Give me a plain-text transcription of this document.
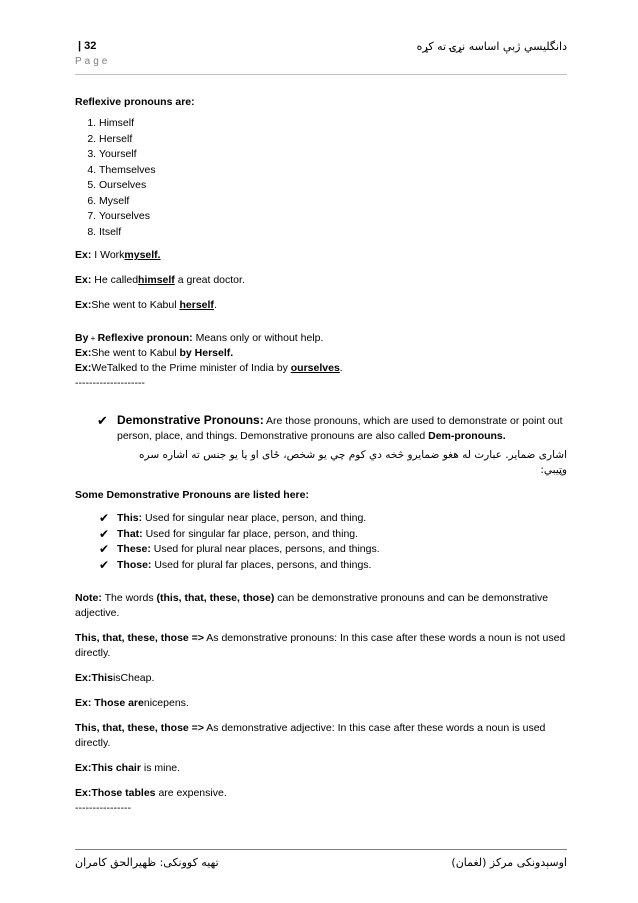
| 32
Page
دانگلیسي ژبې اساسه نړۍ ته کړه

Reflexive pronouns are:

1. Himself
2. Herself
3. Yourself
4. Themselves
5. Ourselves
6. Myself
7. Yourselves
8. Itself

Ex: I Workmyself.

Ex: He calledhimself a great doctor.

Ex:She went to Kabul herself.

By + Reflexive pronoun: Means only or without help.

Ex:She went to Kabul by Herself.

Ex:WeTalked to the Prime minister of India by ourselves.

--------------------

✔ Demonstrative Pronouns: Are those pronouns, which are used to demonstrate or point out person, place, and things. Demonstrative pronouns are also called Dem-pronouns.

اشاری ضمایر. عبارت له هغو ضمایرو څخه دي کوم چي یو شخص، ځای او یا یو جنس ته اشاره سره وټیبي:

Some Demonstrative Pronouns are listed here:

✔ This: Used for singular near place, person, and thing.
✔ That: Used for singular far place, person, and thing.
✔ These: Used for plural near places, persons, and things.
✔ Those: Used for plural far places, persons, and things.

Note: The words (this, that, these, those) can be demonstrative pronouns and can be demonstrative adjective.

This, that, these, those => As demonstrative pronouns: In this case after these words a noun is not used directly.

Ex:ThisisCheap.

Ex: Those arenicepens.

This, that, these, those => As demonstrative adjective: In this case after these words a noun is used directly.

Ex:This chair is mine.

Ex:Those tables are expensive.

----------------

تهیه کوونکی: ظهیرالحق کامران	اوسېدونکی مرکز (لغمان)
